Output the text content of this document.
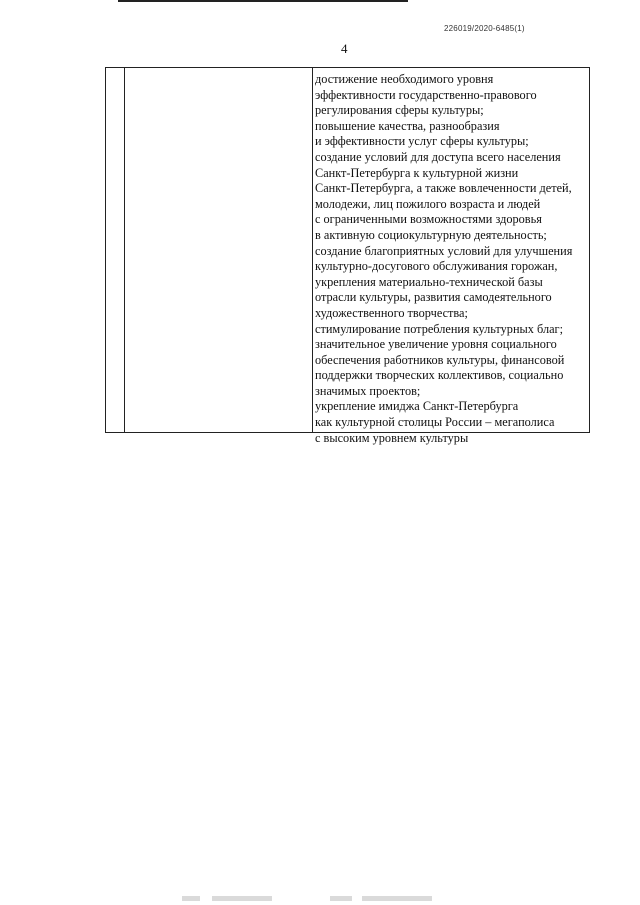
226019/2020-6485(1)
4
достижение необходимого уровня
эффективности государственно-правового
регулирования сферы культуры;
повышение качества, разнообразия
и эффективности услуг сферы культуры;
создание условий для доступа всего населения
Санкт-Петербурга к культурной жизни
Санкт-Петербурга, а также вовлеченности детей,
молодежи, лиц пожилого возраста и людей
с ограниченными возможностями здоровья
в активную социокультурную деятельность;
создание благоприятных условий для улучшения
культурно-досугового обслуживания горожан,
укрепления материально-технической базы
отрасли культуры, развития самодеятельного
художественного творчества;
стимулирование потребления культурных благ;
значительное увеличение уровня социального
обеспечения работников культуры, финансовой
поддержки творческих коллективов, социально
значимых проектов;
укрепление имиджа Санкт-Петербурга
как культурной столицы России – мегаполиса
с высоким уровнем культуры
